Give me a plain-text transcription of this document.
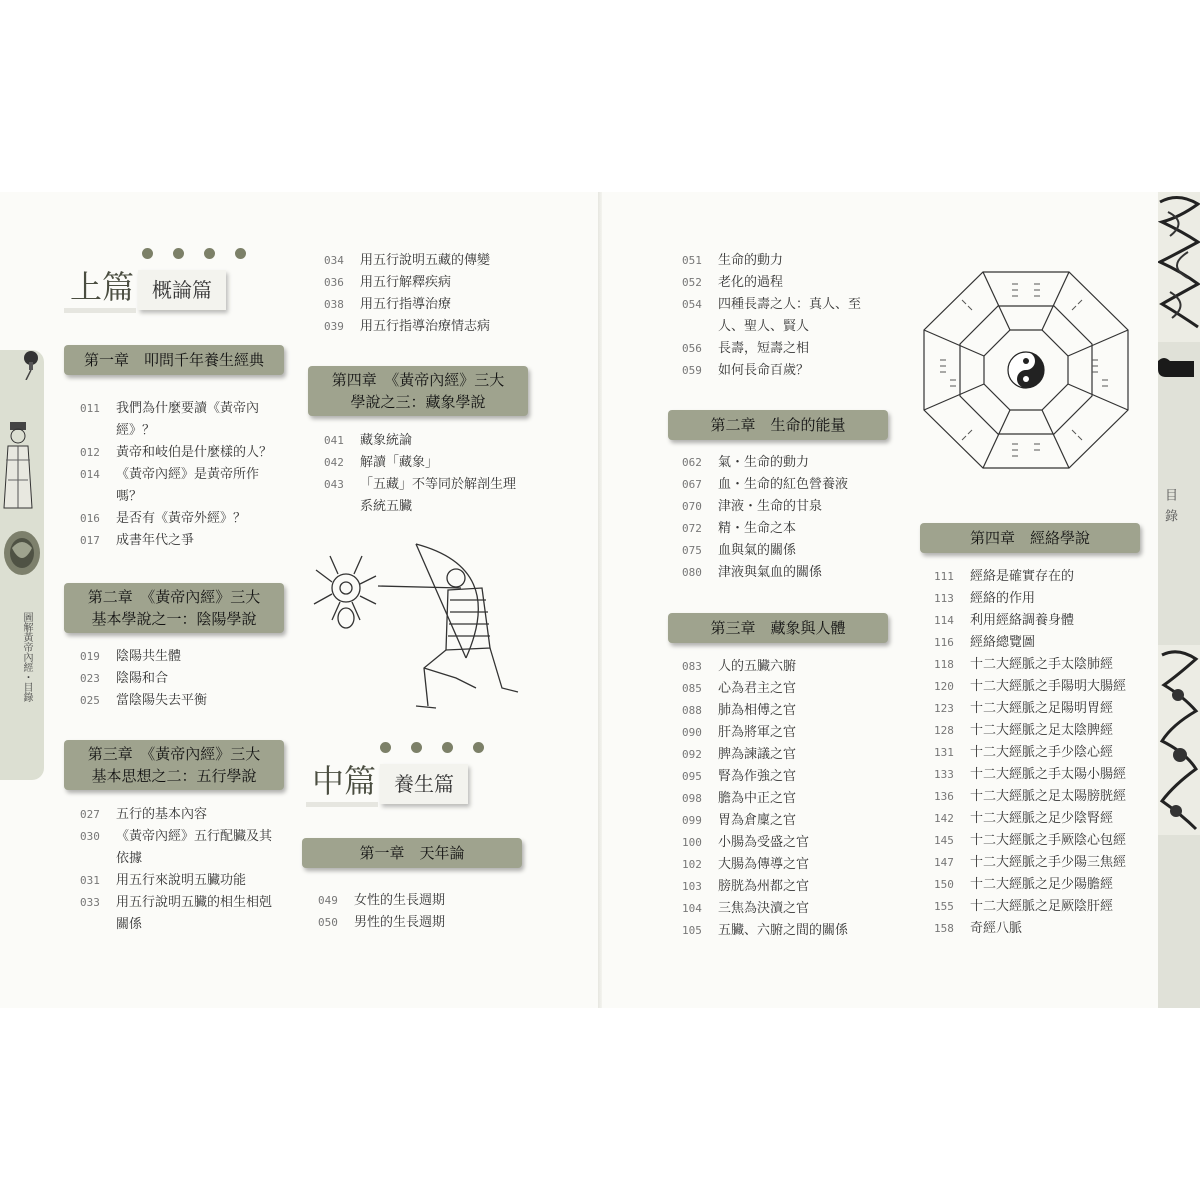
圖解黃帝內經・目錄
目錄
上篇 概論篇
第一章　叩問千年養生經典
011	我們為什麼要讀《黃帝內
經》？
012	黃帝和岐伯是什麼樣的人？
014	《黃帝內經》是黃帝所作
嗎？
016	是否有《黃帝外經》？
017	成書年代之爭
第二章　《黃帝內經》三大
基本學說之一：陰陽學說
019	陰陽共生體
023	陰陽和合
025	當陰陽失去平衡
第三章　《黃帝內經》三大
基本思想之二：五行學說
027	五行的基本內容
030	《黃帝內經》五行配臟及其
依據
031	用五行來說明五臟功能
033	用五行說明五臟的相生相剋
關係
034	用五行說明五藏的傳變
036	用五行解釋疾病
038	用五行指導治療
039	用五行指導治療情志病
第四章　《黃帝內經》三大
學說之三：藏象學說
041	藏象統論
042	解讀「藏象」
043	「五藏」不等同於解剖生理
系統五臟
中篇 養生篇
第一章　天年論
049	女性的生長週期
050	男性的生長週期
051	生命的動力
052	老化的過程
054	四種長壽之人：真人、至
人、聖人、賢人
056	長壽，短壽之相
059	如何長命百歲？
第二章　生命的能量
062	氣・生命的動力
067	血・生命的紅色營養液
070	津液・生命的甘泉
072	精・生命之本
075	血與氣的關係
080	津液與氣血的關係
第三章　藏象與人體
083	人的五臟六腑
085	心為君主之官
088	肺為相傅之官
090	肝為將軍之官
092	脾為諫議之官
095	腎為作強之官
098	膽為中正之官
099	胃為倉廩之官
100	小腸為受盛之官
102	大腸為傳導之官
103	膀胱為州都之官
104	三焦為決瀆之官
105	五臟、六腑之間的關係
第四章　經絡學說
111	經絡是確實存在的
113	經絡的作用
114	利用經絡調養身體
116	經絡總覽圖
118	十二大經脈之手太陰肺經
120	十二大經脈之手陽明大腸經
123	十二大經脈之足陽明胃經
128	十二大經脈之足太陰脾經
131	十二大經脈之手少陰心經
133	十二大經脈之手太陽小腸經
136	十二大經脈之足太陽膀胱經
142	十二大經脈之足少陰腎經
145	十二大經脈之手厥陰心包經
147	十二大經脈之手少陽三焦經
150	十二大經脈之足少陽膽經
155	十二大經脈之足厥陰肝經
158	奇經八脈
